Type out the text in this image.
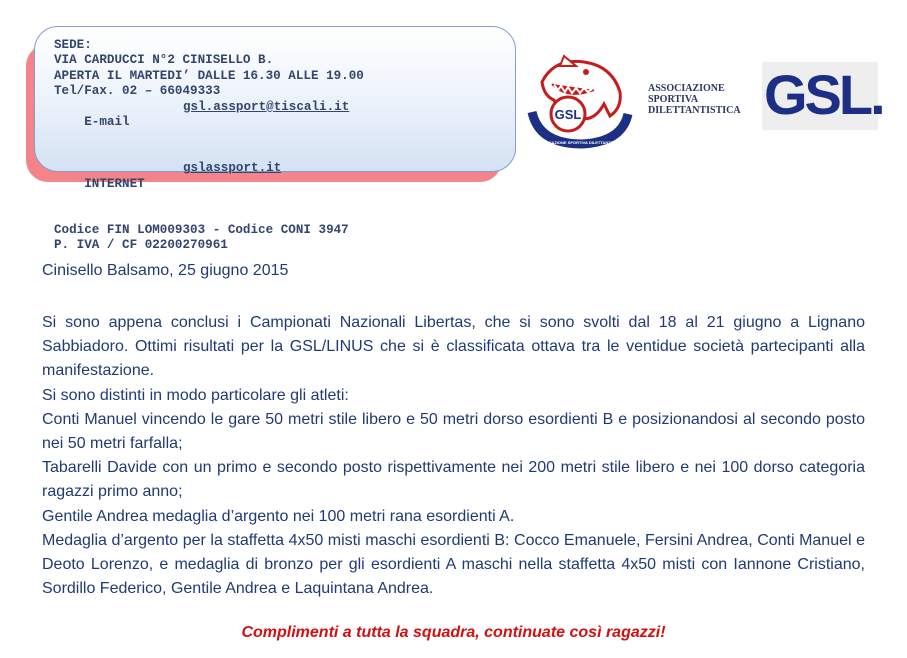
SEDE:
VIA CARDUCCI N°2 CINISELLO B.
APERTA IL MARTEDI’ DALLE 16.30 ALLE 19.00
Tel/Fax. 02 – 66049333

E-mail

gsl.assport@tiscali.it

INTERNET

gslassport.it

Codice FIN LOM009303 - Codice CONI 3947
P. IVA / CF 02200270961
GSL
ASSOCIAZIONE SPORTIVA DILETTANTISTICA
ASSOCIAZIONE
SPORTIVA
DILETTANTISTICA GSL.
Cinisello Balsamo, 25 giugno 2015

Si sono appena conclusi i Campionati Nazionali Libertas, che si sono svolti dal 18 al 21 giugno a Lignano Sabbiadoro. Ottimi risultati per la GSL/LINUS che si è classificata ottava tra le ventidue società partecipanti alla manifestazione.

Si sono distinti in modo particolare gli atleti:

Conti Manuel vincendo le gare 50 metri stile libero e 50 metri dorso esordienti B e posizionandosi al secondo posto nei 50 metri farfalla;

Tabarelli Davide con un primo e secondo posto rispettivamente nei 200 metri stile libero e nei 100 dorso categoria ragazzi primo anno;

Gentile Andrea medaglia d’argento nei 100 metri rana esordienti A.

Medaglia d’argento per la staffetta 4x50 misti maschi esordienti B: Cocco Emanuele, Fersini Andrea, Conti Manuel e Deoto Lorenzo, e medaglia di bronzo per gli esordienti A maschi nella staffetta 4x50 misti con Iannone Cristiano, Sordillo Federico, Gentile Andrea e Laquintana Andrea.

Complimenti a tutta la squadra, continuate così ragazzi!
